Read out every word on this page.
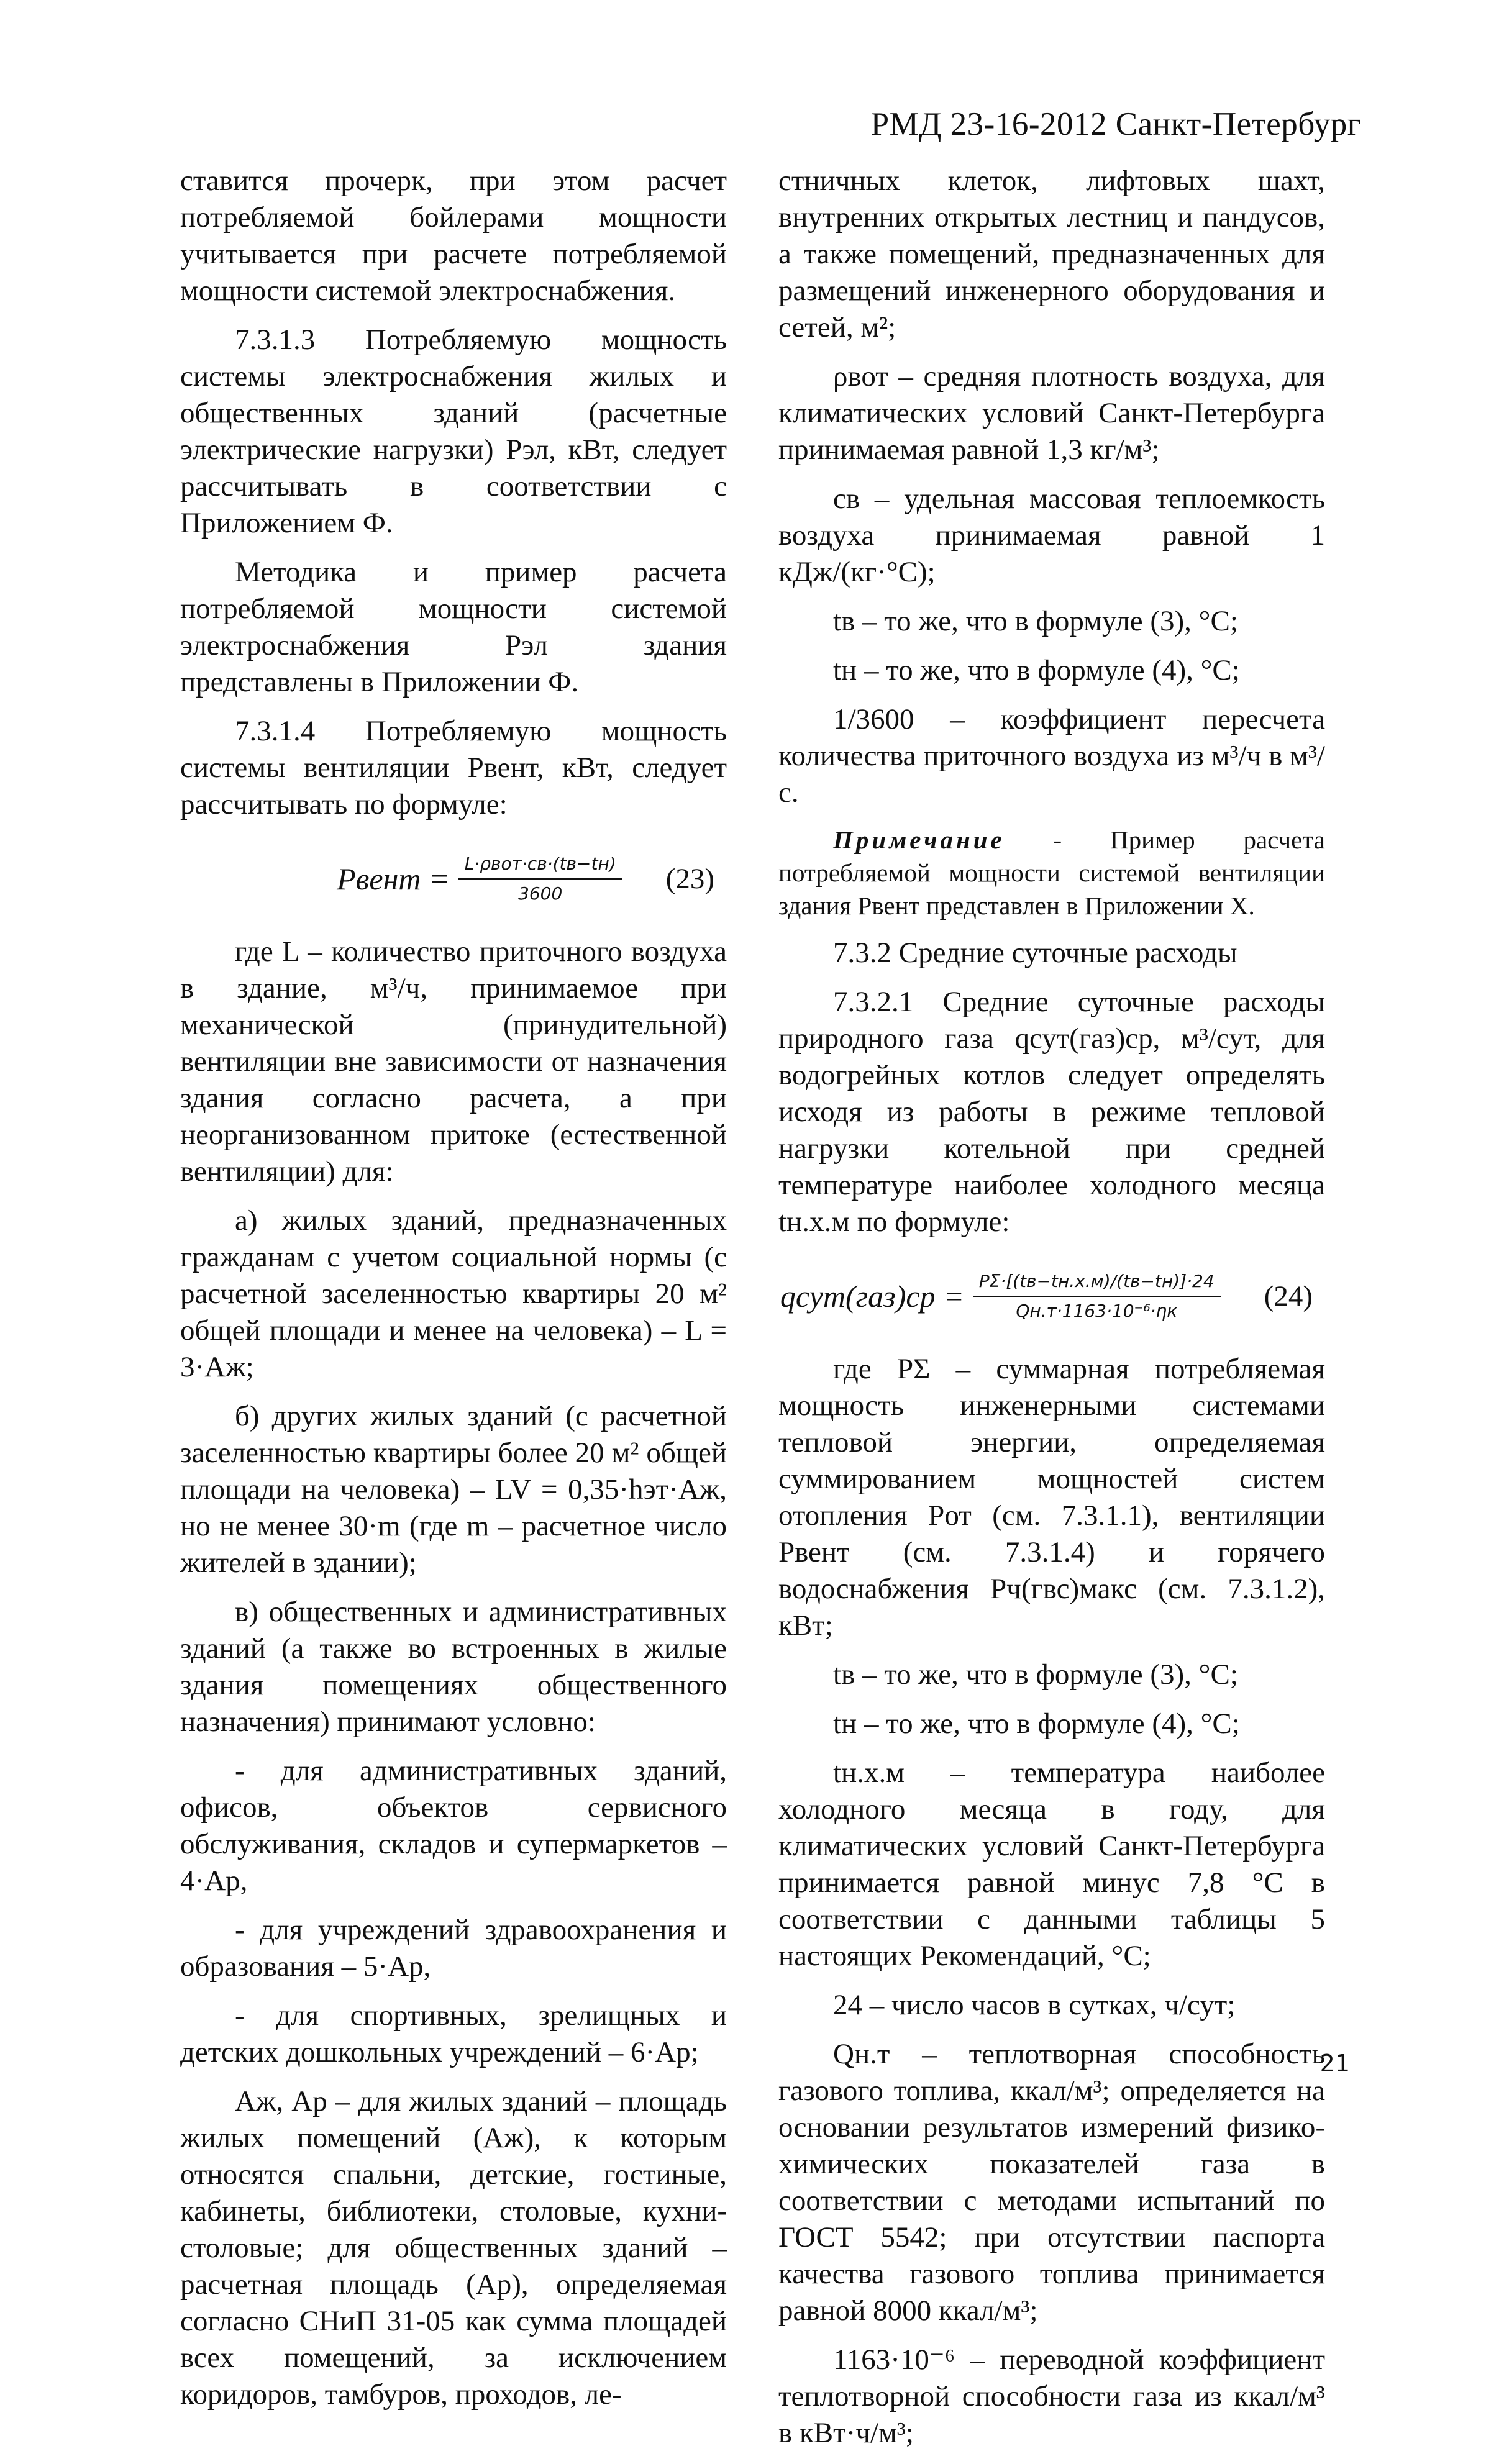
РМД 23-16-2012 Санкт-Петербург

ставится прочерк, при этом расчет потребляемой бойлерами мощности учитывается при расчете потребляемой мощности системой электроснабжения.

7.3.1.3 Потребляемую мощность системы электроснабжения жилых и общественных зданий (расчетные электрические нагрузки) Pэл, кВт, следует рассчитывать в соответствии с Приложением Ф.

Методика и пример расчета потребляемой мощности системой электроснабжения Pэл здания представлены в Приложении Ф.

7.3.1.4 Потребляемую мощность системы вентиляции Pвент, кВт, следует рассчитывать по формуле:

Pвент = $\frac{\text{L·ρвот·cв·(tв−tн)}}{3600} (23)$

где L – количество приточного воздуха в здание, м³/ч, принимаемое при механической (принудительной) вентиляции вне зависимости от назначения здания согласно расчета, а при неорганизованном притоке (естественной вентиляции) для:

а) жилых зданий, предназначенных гражданам с учетом социальной нормы (с расчетной заселенностью квартиры 20 м² общей площади и менее на человека) – L = 3·Aж;

б) других жилых зданий (с расчетной заселенностью квартиры более 20 м² общей площади на человека) – LV = 0,35·hэт·Aж, но не менее 30·m (где m – расчетное число жителей в здании);

в) общественных и административных зданий (а также во встроенных в жилые здания помещениях общественного назначения) принимают условно:

- для административных зданий, офисов, объектов сервисного обслуживания, складов и супермаркетов – 4·Ap,

- для учреждений здравоохранения и образования – 5·Ap,

- для спортивных, зрелищных и детских дошкольных учреждений – 6·Ap;

Aж, Ap – для жилых зданий – площадь жилых помещений (Aж), к которым относятся спальни, детские, гостиные, кабинеты, библиотеки, столовые, кухни-столовые; для общественных зданий – расчетная площадь (Ap), определяемая согласно СНиП 31-05 как сумма площадей всех помещений, за исключением коридоров, тамбуров, проходов, ле-

стничных клеток, лифтовых шахт, внутренних открытых лестниц и пандусов, а также помещений, предназначенных для размещений инженерного оборудования и сетей, м²;

ρвот – средняя плотность воздуха, для климатических условий Санкт-Петербурга принимаемая равной 1,3 кг/м³;

cв – удельная массовая теплоемкость воздуха принимаемая равной 1 кДж/(кг·°С);

tв – то же, что в формуле (3), °С;

tн – то же, что в формуле (4), °С;

1/3600 – коэффициент пересчета количества приточного воздуха из м³/ч в м³/с.

Примечание - Пример расчета потребляемой мощности системой вентиляции здания Pвент представлен в Приложении Х.

7.3.2 Средние суточные расходы

7.3.2.1 Средние суточные расходы природного газа qсут(газ)ср, м³/сут, для водогрейных котлов следует определять исходя из работы в режиме тепловой нагрузки котельной при средней температуре наиболее холодного месяца tн.х.м по формуле:

qсут(газ)ср = $\frac{P\Sigma\cdot[(tв-tн.х.м)/(tв-tн)]\cdot 24}{\text{Qн.т·1163·10⁻⁶·ηк}} (24)$

где PΣ – суммарная потребляемая мощность инженерными системами тепловой энергии, определяемая суммированием мощностей систем отопления Pот (см. 7.3.1.1), вентиляции Pвент (см. 7.3.1.4) и горячего водоснабжения Pч(гвс)макс (см. 7.3.1.2), кВт;

tв – то же, что в формуле (3), °С;

tн – то же, что в формуле (4), °С;

tн.х.м – температура наиболее холодного месяца в году, для климатических условий Санкт-Петербурга принимается равной минус 7,8 °С в соответствии с данными таблицы 5 настоящих Рекомендаций, °С;

24 – число часов в сутках, ч/сут;

Qн.т – теплотворная способность газового топлива, ккал/м³; определяется на основании результатов измерений физико-химических показателей газа в соответствии с методами испытаний по ГОСТ 5542; при отсутствии паспорта качества газового топлива принимается равной 8000 ккал/м³;

1163·10⁻⁶ – переводной коэффициент теплотворной способности газа из ккал/м³ в кВт·ч/м³;

21
